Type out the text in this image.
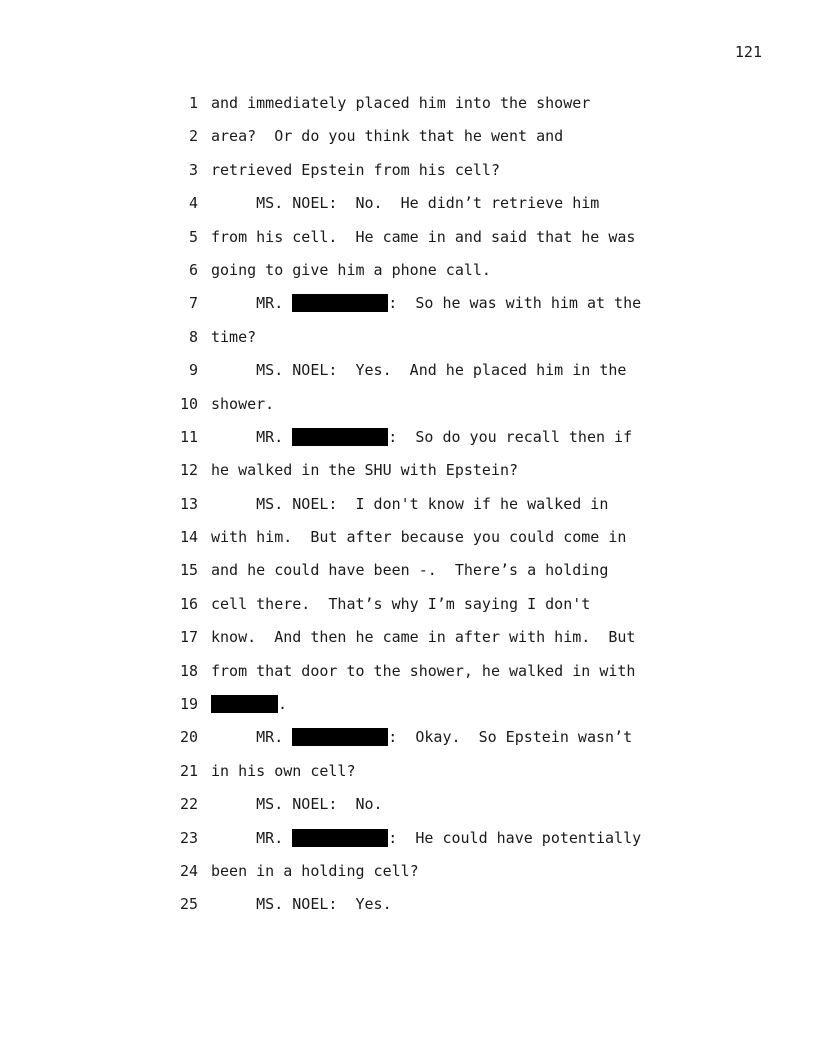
121
1 and immediately placed him into the shower
2 area?  Or do you think that he went and
3 retrieved Epstein from his cell?
4 MS. NOEL:  No.  He didn’t retrieve him
5 from his cell.  He came in and said that he was
6 going to give him a phone call.
7 MR.	:  So he was with him at the
8 time?
9 MS. NOEL:  Yes.  And he placed him in the
10 shower.
11 MR.	:  So do you recall then if
12 he walked in the SHU with Epstein?
13 MS. NOEL:  I don't know if he walked in
14 with him.  But after because you could come in
15 and he could have been -.  There’s a holding
16 cell there.  That’s why I’m saying I don't
17 know.  And then he came in after with him.  But
18 from that door to the shower, he walked in with
19	.
20 MR.	:  Okay.  So Epstein wasn’t
21 in his own cell?
22 MS. NOEL:  No.
23 MR.	:  He could have potentially
24 been in a holding cell?
25 MS. NOEL:  Yes.
